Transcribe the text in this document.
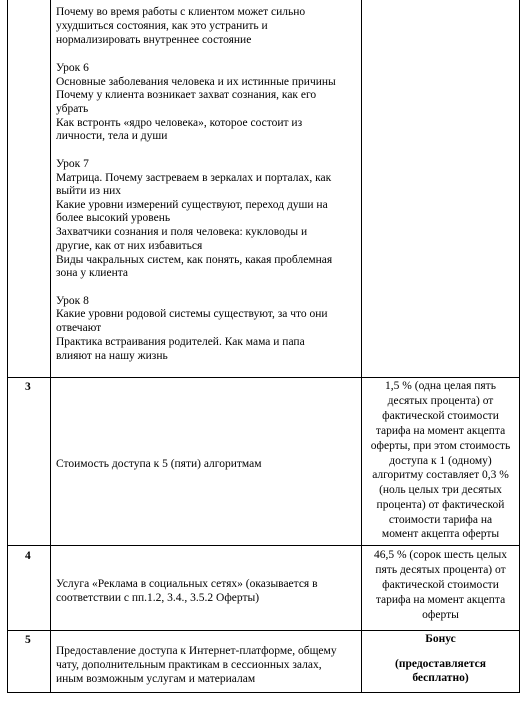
Почему во время работы с клиентом может сильно
ухудшиться состояния, как это устранить и
нормализировать внутреннее состояние
Урок 6
Основные заболевания человека и их истинные причины
Почему у клиента возникает захват сознания, как его
убрать
Как встронть «ядро человека», которое состоит из
личности, тела и души
Урок 7
Матрица. Почему застреваем в зеркалах и порталах, как
выйти из них
Какие уровни измерений существуют, переход души на
более высокий уровень
Захватчики сознания и поля человека: кукловоды и
другие, как от них избавиться
Виды чакральных систем, как понять, какая проблемная
зона у клиента
Урок 8
Какие уровни родовой системы существуют, за что они
отвечают
Практика встраивания родителей. Как мама и папа
влияют на нашу жизнь
3
Стоимость доступа к 5 (пяти) алгоритмам
1,5 % (одна целая пять
десятых процента) от
фактической стоимости
тарифа на момент акцепта
оферты, при этом стоимость
доступа к 1 (одному)
алгоритму составляет 0,3 %
(ноль целых три десятых
процента) от фактической
стоимости тарифа на
момент акцепта оферты
4
Услуга «Реклама в социальных сетях» (оказывается в
соответствии с пп.1.2, 3.4., 3.5.2 Оферты)
46,5 % (сорок шесть целых
пять десятых процента) от
фактической стоимости
тарифа на момент акцепта
оферты
5
Предоставление доступа к Интернет-платформе, общему
чату, дополнительным практикам в сессионных залах,
иным возможным услугам и материалам
Бонус
(предоставляется
бесплатно)
